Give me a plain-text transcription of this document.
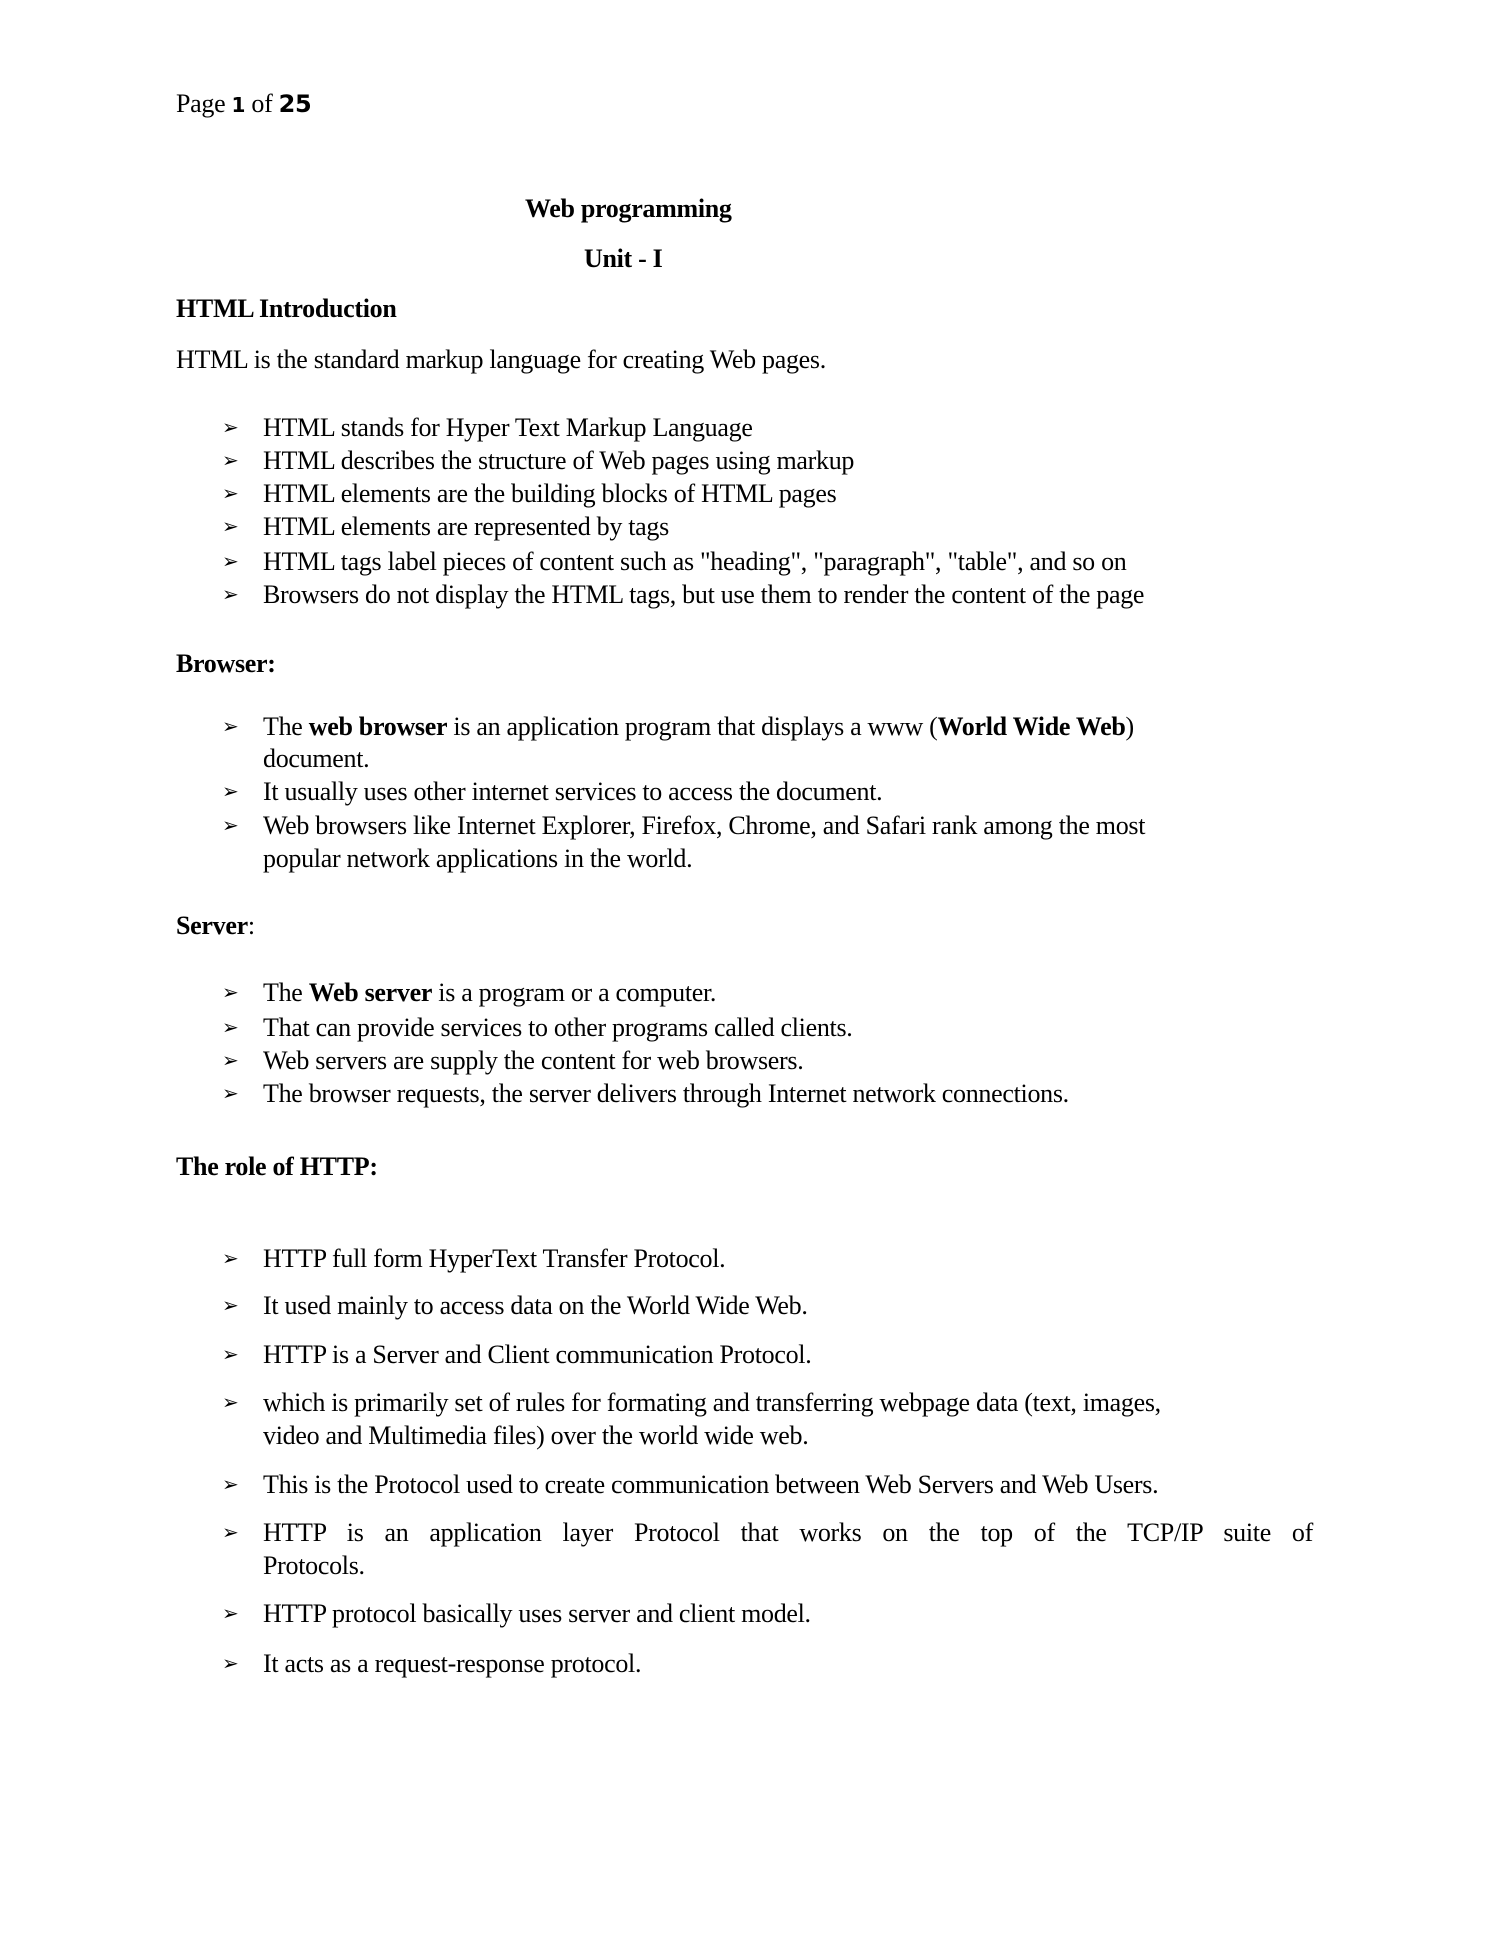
Page 1 of 25
Web programming
Unit - I
HTML Introduction
HTML is the standard markup language for creating Web pages.
➢ HTML stands for Hyper Text Markup Language
➢ HTML describes the structure of Web pages using markup
➢ HTML elements are the building blocks of HTML pages
➢ HTML elements are represented by tags
➢ HTML tags label pieces of content such as "heading", "paragraph", "table", and so on
➢ Browsers do not display the HTML tags, but use them to render the content of the page
Browser:
➢ The web browser is an application program that displays a www (World Wide Web)
document.
➢ It usually uses other internet services to access the document.
➢ Web browsers like Internet Explorer, Firefox, Chrome, and Safari rank among the most
popular network applications in the world.
Server:
➢ The Web server is a program or a computer.
➢ That can provide services to other programs called clients.
➢ Web servers are supply the content for web browsers.
➢ The browser requests, the server delivers through Internet network connections.
The role of HTTP:
➢ HTTP full form HyperText Transfer Protocol.
➢ It used mainly to access data on the World Wide Web.
➢ HTTP is a Server and Client communication Protocol.
➢ which is primarily set of rules for formating and transferring webpage data (text, images,
video and Multimedia files) over the world wide web.
➢ This is the Protocol used to create communication between Web Servers and Web Users.
➢ HTTP is an application layer Protocol that works on the top of the TCP/IP suite of
Protocols.
➢ HTTP protocol basically uses server and client model.
➢ It acts as a request-response protocol.
